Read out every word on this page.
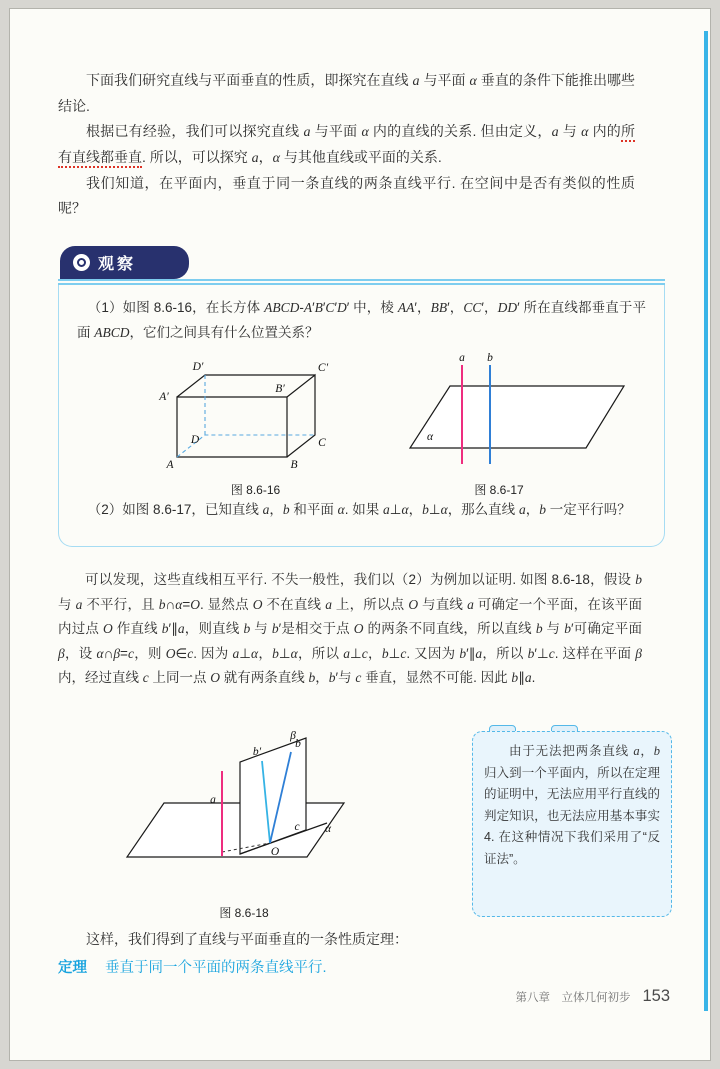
下面我们研究直线与平面垂直的性质，即探究在直线 a 与平面 α 垂直的条件下能推出哪些结论.

根据已有经验，我们可以探究直线 a 与平面 α 内的直线的关系. 但由定义，a 与 α 内的所有直线都垂直. 所以，可以探究 a，α 与其他直线或平面的关系.

我们知道，在平面内，垂直于同一条直线的两条直线平行. 在空间中是否有类似的性质呢？

观察

（1）如图 8.6-16，在长方体 ABCD-A′B′C′D′ 中，棱 AA′，BB′，CC′，DD′ 所在直线都垂直于平面 ABCD，它们之间具有什么位置关系？

A	B
C
D
A′
B′
C′
D′
图 8.6-16
a b
α
图 8.6-17

（2）如图 8.6-17，已知直线 a，b 和平面 α. 如果 a⊥α，b⊥α，那么直线 a，b 一定平行吗？

可以发现，这些直线相互平行. 不失一般性，我们以（2）为例加以证明. 如图 8.6-18，假设 b 与 a 不平行，且 b∩α=O. 显然点 O 不在直线 a 上，所以点 O 与直线 a 可确定一个平面，在该平面内过点 O 作直线 b′∥a，则直线 b 与 b′是相交于点 O 的两条不同直线，所以直线 b 与 b′可确定平面 β，设 α∩β=c，则 O∈c. 因为 a⊥α，b⊥α，所以 a⊥c，b⊥c. 又因为 b′∥a，所以 b′⊥c. 这样在平面 β 内，经过直线 c 上同一点 O 就有两条直线 b，b′与 c 垂直，显然不可能. 因此 b∥a.

a
b′
b
c
O
β
α
图 8.6-18

由于无法把两条直线 a，b 归入到一个平面内，所以在定理的证明中，无法应用平行直线的判定知识，也无法应用基本事实 4. 在这种情况下我们采用了“反证法”。

这样，我们得到了直线与平面垂直的一条性质定理：

定理 垂直于同一个平面的两条直线平行.

第八章　立体几何初步 153
